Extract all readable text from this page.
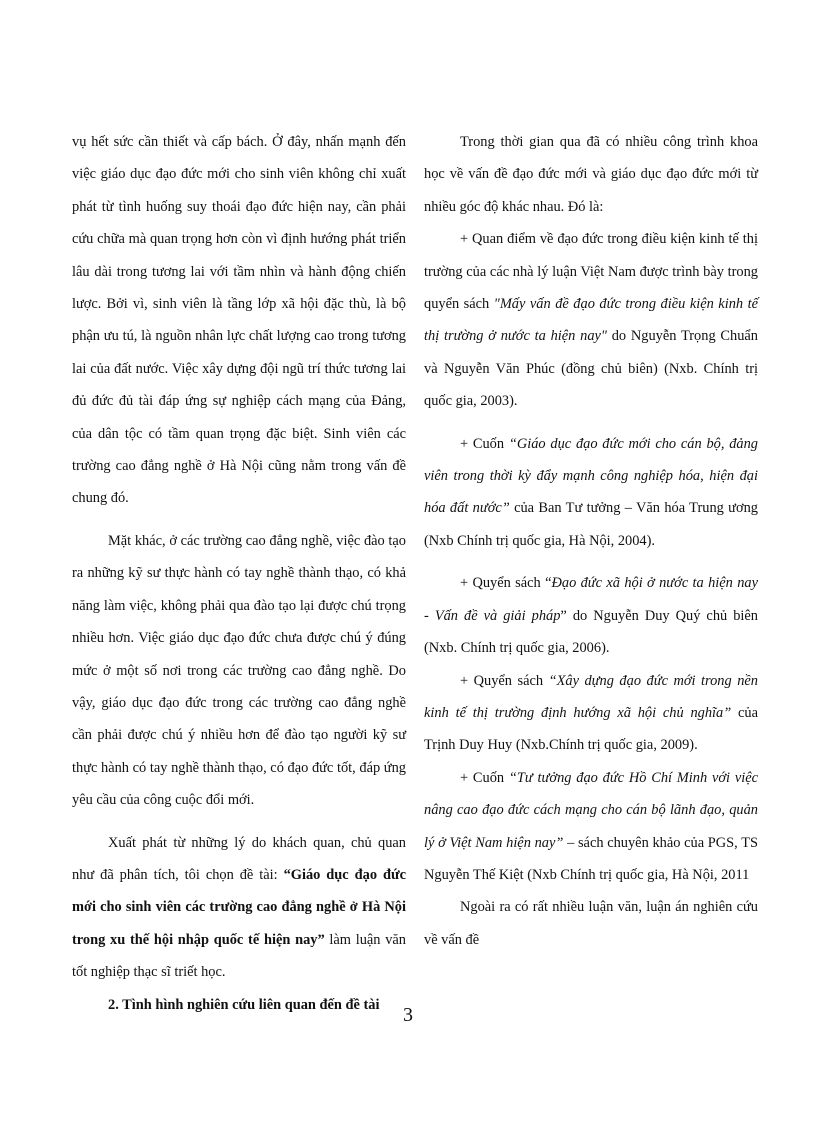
vụ hết sức cần thiết và cấp bách. Ở đây, nhấn mạnh đến việc giáo dục đạo đức mới cho sinh viên không chỉ xuất phát từ tình huống suy thoái đạo đức hiện nay, cần phải cứu chữa mà quan trọng hơn còn vì định hướng phát triển lâu dài trong tương lai với tầm nhìn và hành động chiến lược. Bởi vì, sinh viên là tầng lớp xã hội đặc thù, là bộ phận ưu tú, là nguồn nhân lực chất lượng cao trong tương lai của đất nước. Việc xây dựng đội ngũ trí thức tương lai đủ đức đủ tài đáp ứng sự nghiệp cách mạng của Đảng, của dân tộc có tầm quan trọng đặc biệt. Sinh viên các trường cao đẳng nghề ở Hà Nội cũng nằm trong vấn đề chung đó.

Mặt khác, ở các trường cao đẳng nghề, việc đào tạo ra những kỹ sư thực hành có tay nghề thành thạo, có khả năng làm việc, không phải qua đào tạo lại được chú trọng nhiều hơn. Việc giáo dục đạo đức chưa được chú ý đúng mức ở một số nơi trong các trường cao đẳng nghề. Do vậy, giáo dục đạo đức trong các trường cao đẳng nghề cần phải được chú ý nhiều hơn để đào tạo người kỹ sư thực hành có tay nghề thành thạo, có đạo đức tốt, đáp ứng yêu cầu của công cuộc đổi mới.

Xuất phát từ những lý do khách quan, chủ quan như đã phân tích, tôi chọn đề tài: “Giáo dục đạo đức mới cho sinh viên các trường cao đẳng nghề ở Hà Nội trong xu thế hội nhập quốc tế hiện nay” làm luận văn tốt nghiệp thạc sĩ triết học.

2. Tình hình nghiên cứu liên quan đến đề tài

Trong thời gian qua đã có nhiều công trình khoa học về vấn đề đạo đức mới và giáo dục đạo đức mới từ nhiều góc độ khác nhau. Đó là:

+ Quan điểm về đạo đức trong điều kiện kinh tế thị trường của các nhà lý luận Việt Nam được trình bày trong quyển sách "Mấy vấn đề đạo đức trong điều kiện kinh tế thị trường ở nước ta hiện nay" do Nguyễn Trọng Chuẩn và Nguyễn Văn Phúc (đồng chủ biên) (Nxb. Chính trị quốc gia, 2003).

+ Cuốn “Giáo dục đạo đức mới cho cán bộ, đảng viên trong thời kỳ đẩy mạnh công nghiệp hóa, hiện đại hóa đất nước” của Ban Tư tưởng – Văn hóa Trung ương (Nxb Chính trị quốc gia, Hà Nội, 2004).

+ Quyển sách “Đạo đức xã hội ở nước ta hiện nay - Vấn đề và giải pháp” do Nguyễn Duy Quý chủ biên (Nxb. Chính trị quốc gia, 2006).

+ Quyển sách “Xây dựng đạo đức mới trong nền kinh tế thị trường định hướng xã hội chủ nghĩa” của Trịnh Duy Huy (Nxb.Chính trị quốc gia, 2009).

+ Cuốn “Tư tưởng đạo đức Hồ Chí Minh với việc nâng cao đạo đức cách mạng cho cán bộ lãnh đạo, quản lý ở Việt Nam hiện nay” – sách chuyên khảo của PGS, TS Nguyễn Thế Kiệt (Nxb Chính trị quốc gia, Hà Nội, 2011

Ngoài ra có rất nhiều luận văn, luận án nghiên cứu về vấn đề

3
